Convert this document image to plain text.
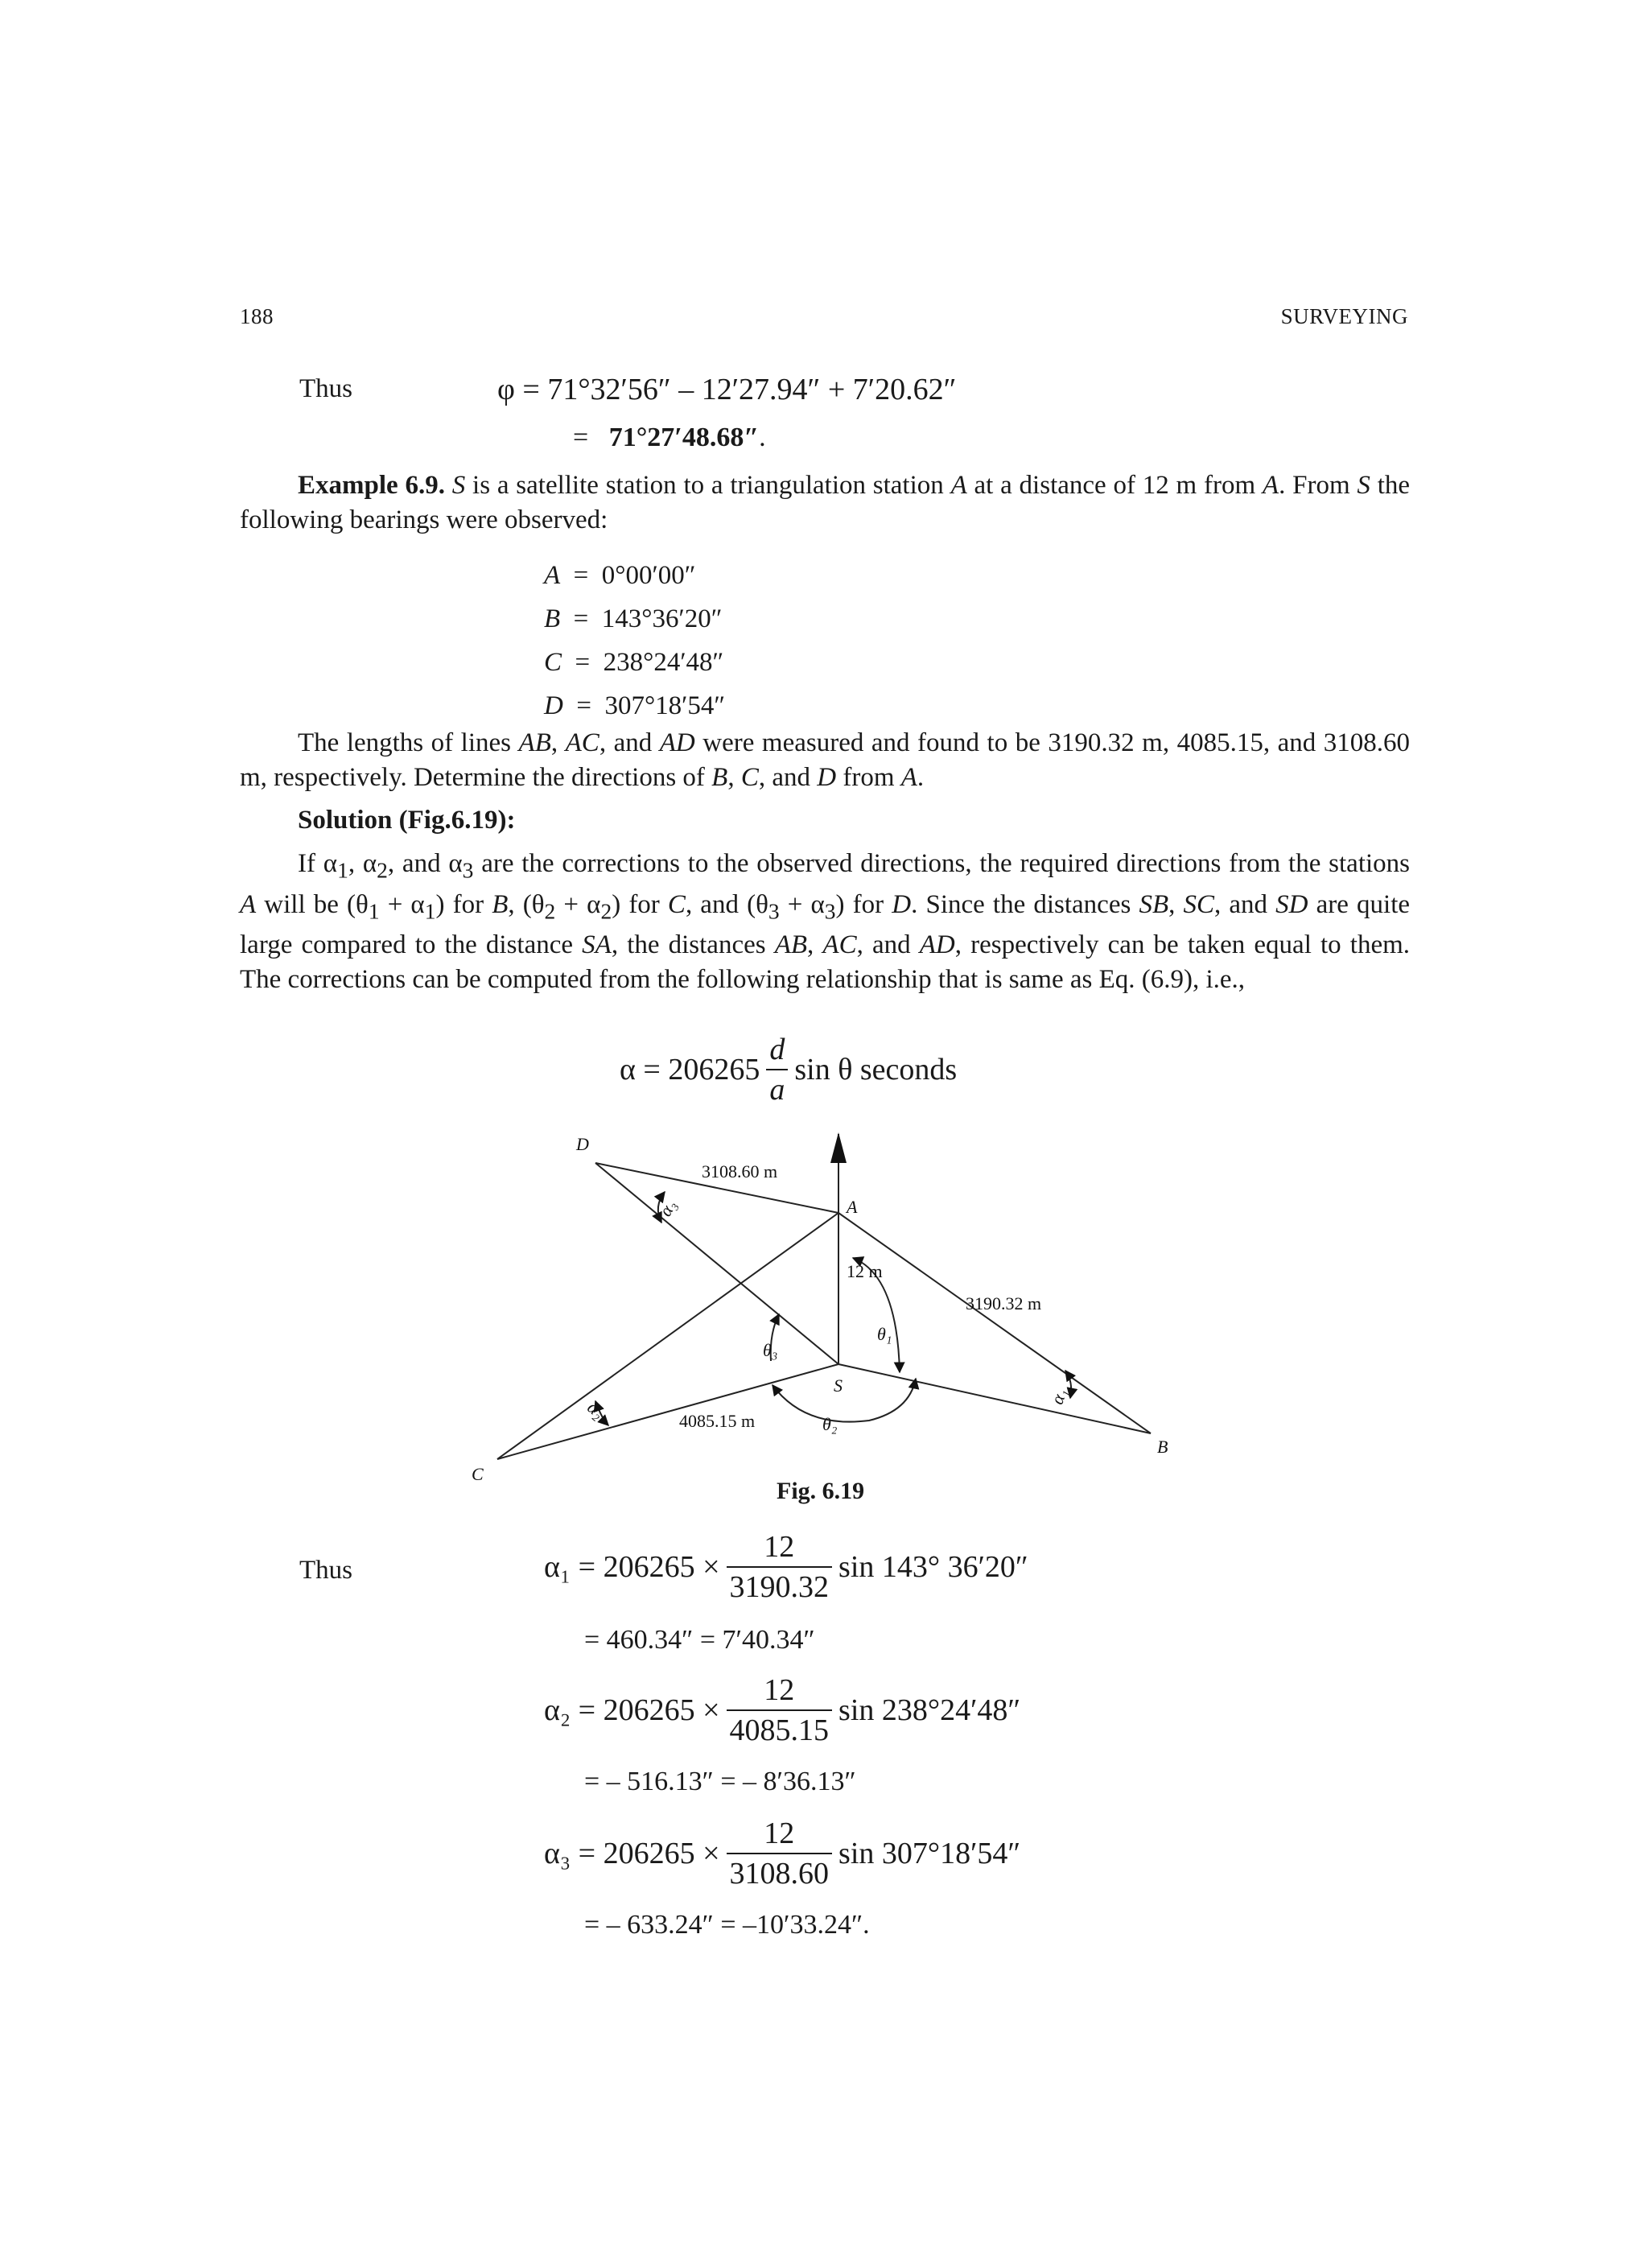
188	SURVEYING
Thus	φ = 71°32′56″ – 12′27.94″ + 7′20.62″
= 71°27′48.68″.
Example 6.9. S is a satellite station to a triangulation station A at a distance of 12 m from A. From S the following bearings were observed:
A = 0°00′00″
B = 143°36′20″
C = 238°24′48″
D = 307°18′54″
The lengths of lines AB, AC, and AD were measured and found to be 3190.32 m, 4085.15, and 3108.60 m, respectively. Determine the directions of B, C, and D from A.
Solution (Fig.6.19):
If $\alpha_1$, $\alpha_2$, and $\alpha_3$ are the corrections to the observed directions, the required directions from the stations A will be $(\theta_1 + \alpha_1)$ for B, $(\theta_2 + \alpha_2)$ for C, and $(\theta_3 + \alpha_3)$ for D. Since the distances SB, SC, and SD are quite large compared to the distance SA, the distances AB, AC, and AD, respectively can be taken equal to them. The corrections can be computed from the following relationship that is same as Eq. (6.9), i.e.,
$\alpha = 206265 \frac{d}{a}$ sin θ seconds
D
A
S
B
C
3108.60 m
12 m
3190.32 m
4085.15 m
α₃
α₂
α₁
θ₁
θ₃
θ₂
Fig. 6.19
Thus	$\alpha_1 = 206265 \times \frac{12}{3190.32}$ sin 143° 36′20″
= 460.34″ = 7′40.34″
$\alpha_2 = 206265 \times \frac{12}{4085.15}$ sin 238°24′48″
= – 516.13″ = – 8′36.13″
$\alpha_3 = 206265 \times \frac{12}{3108.60}$ sin 307°18′54″
= – 633.24″ = –10′33.24″.
